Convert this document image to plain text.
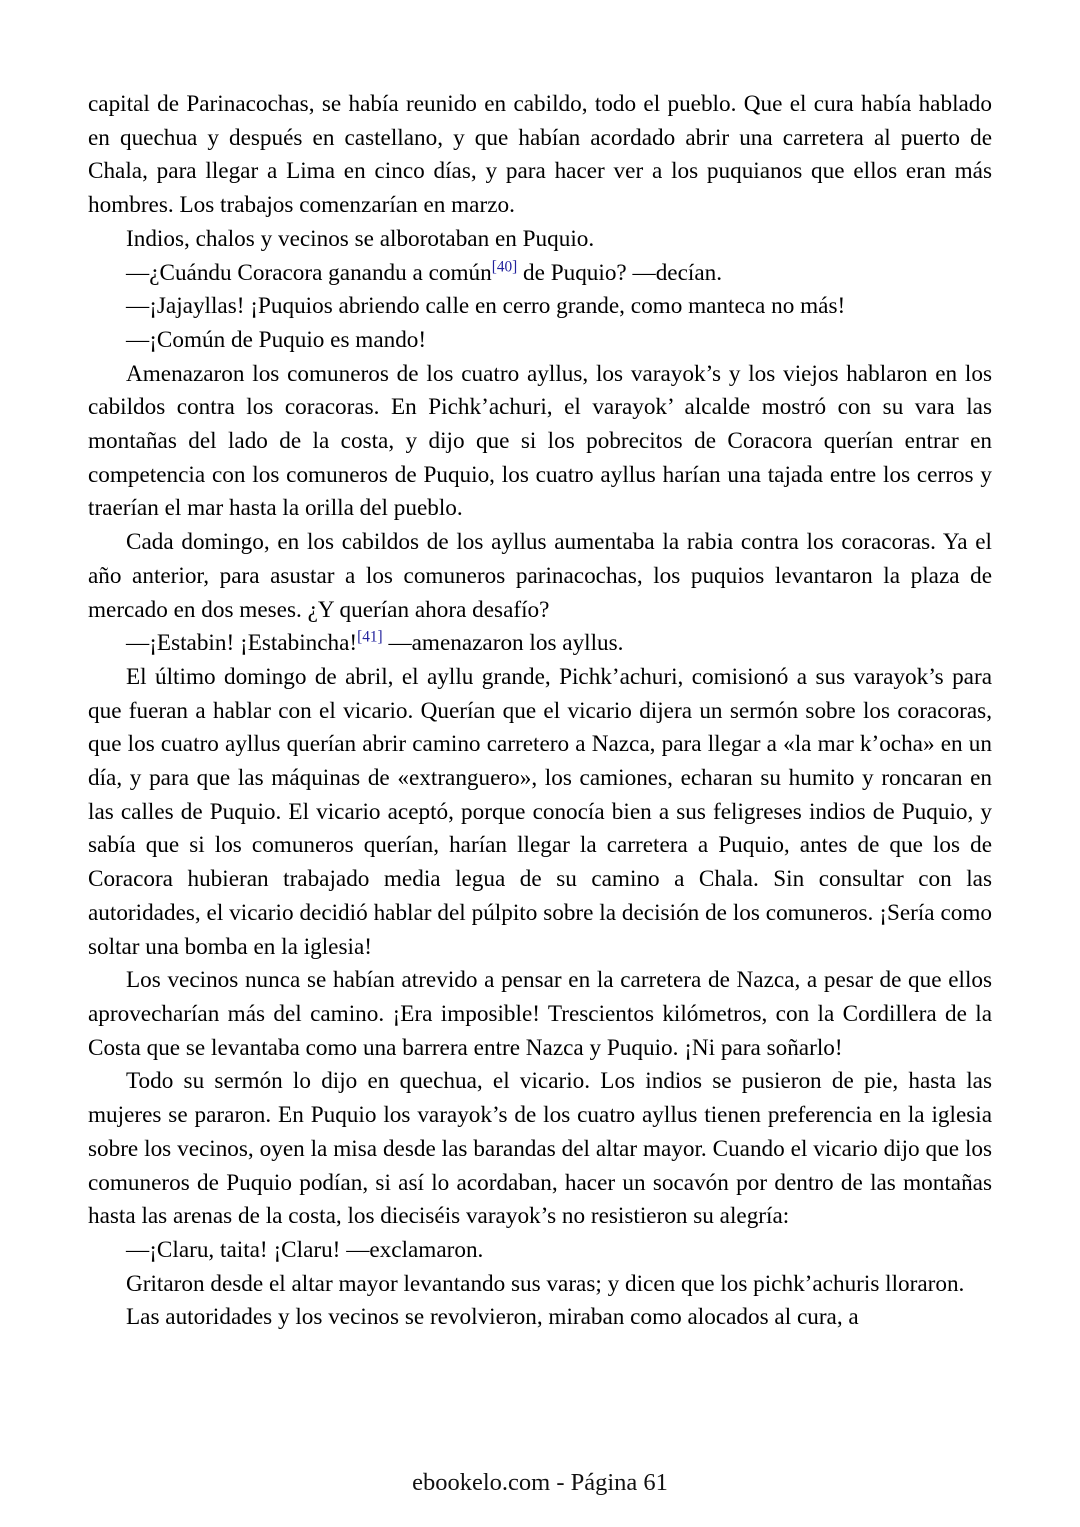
capital de Parinacochas, se había reunido en cabildo, todo el pueblo. Que el cura había hablado en quechua y después en castellano, y que habían acordado abrir una carretera al puerto de Chala, para llegar a Lima en cinco días, y para hacer ver a los puquianos que ellos eran más hombres. Los trabajos comenzarían en marzo.

Indios, chalos y vecinos se alborotaban en Puquio.

—¿Cuándu Coracora ganandu a común[40] de Puquio? —decían.

—¡Jajayllas! ¡Puquios abriendo calle en cerro grande, como manteca no más!

—¡Común de Puquio es mando!

Amenazaron los comuneros de los cuatro ayllus, los varayok’s y los viejos hablaron en los cabildos contra los coracoras. En Pichk’achuri, el varayok’ alcalde mostró con su vara las montañas del lado de la costa, y dijo que si los pobrecitos de Coracora querían entrar en competencia con los comuneros de Puquio, los cuatro ayllus harían una tajada entre los cerros y traerían el mar hasta la orilla del pueblo.

Cada domingo, en los cabildos de los ayllus aumentaba la rabia contra los coracoras. Ya el año anterior, para asustar a los comuneros parinacochas, los puquios levantaron la plaza de mercado en dos meses. ¿Y querían ahora desafío?

—¡Estabin! ¡Estabincha![41] —amenazaron los ayllus.

El último domingo de abril, el ayllu grande, Pichk’achuri, comisionó a sus varayok’s para que fueran a hablar con el vicario. Querían que el vicario dijera un sermón sobre los coracoras, que los cuatro ayllus querían abrir camino carretero a Nazca, para llegar a «la mar k’ocha» en un día, y para que las máquinas de «extranguero», los camiones, echaran su humito y roncaran en las calles de Puquio. El vicario aceptó, porque conocía bien a sus feligreses indios de Puquio, y sabía que si los comuneros querían, harían llegar la carretera a Puquio, antes de que los de Coracora hubieran trabajado media legua de su camino a Chala. Sin consultar con las autoridades, el vicario decidió hablar del púlpito sobre la decisión de los comuneros. ¡Sería como soltar una bomba en la iglesia!

Los vecinos nunca se habían atrevido a pensar en la carretera de Nazca, a pesar de que ellos aprovecharían más del camino. ¡Era imposible! Trescientos kilómetros, con la Cordillera de la Costa que se levantaba como una barrera entre Nazca y Puquio. ¡Ni para soñarlo!

Todo su sermón lo dijo en quechua, el vicario. Los indios se pusieron de pie, hasta las mujeres se pararon. En Puquio los varayok’s de los cuatro ayllus tienen preferencia en la iglesia sobre los vecinos, oyen la misa desde las barandas del altar mayor. Cuando el vicario dijo que los comuneros de Puquio podían, si así lo acordaban, hacer un socavón por dentro de las montañas hasta las arenas de la costa, los dieciséis varayok’s no resistieron su alegría:

—¡Claru, taita! ¡Claru! —exclamaron.

Gritaron desde el altar mayor levantando sus varas; y dicen que los pichk’achuris lloraron.

Las autoridades y los vecinos se revolvieron, miraban como alocados al cura, a

ebookelo.com - Página 61
